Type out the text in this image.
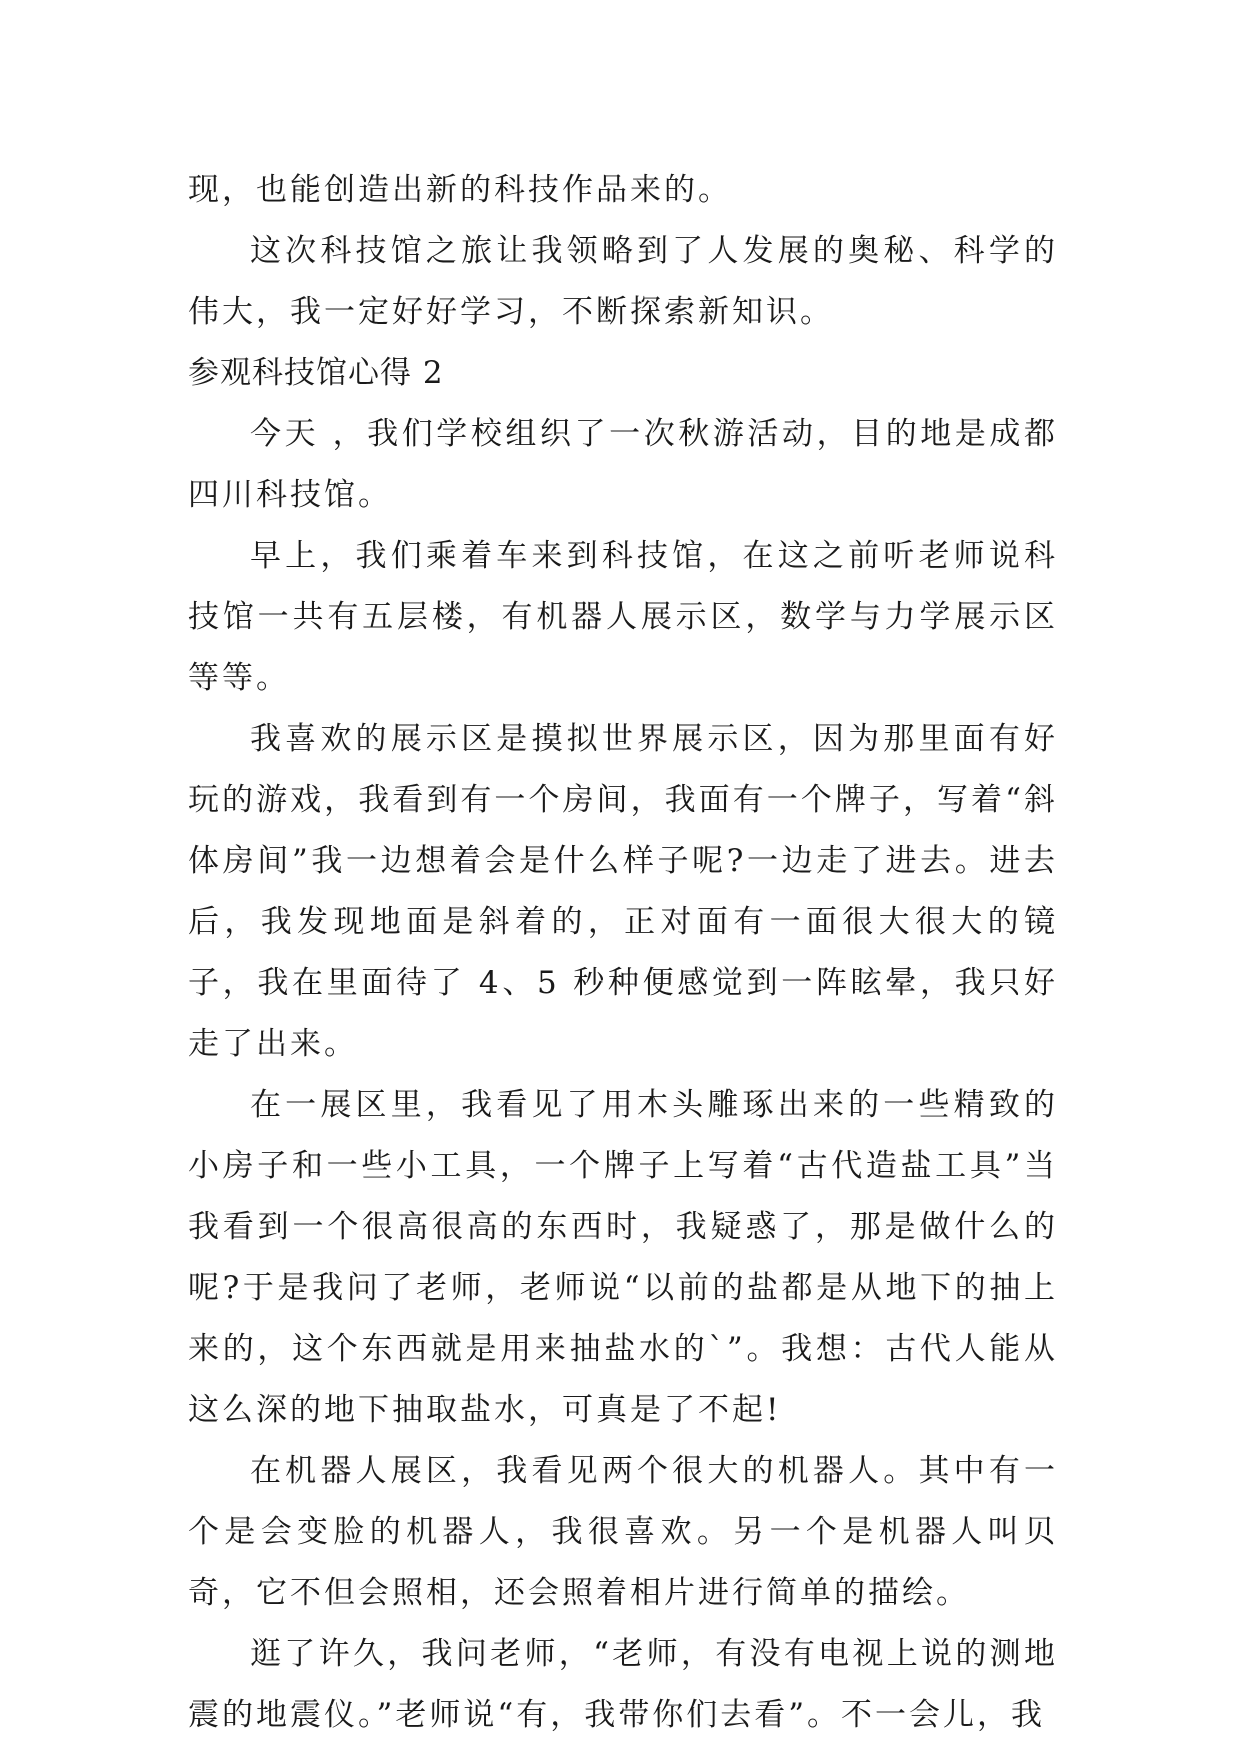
现，也能创造出新的科技作品来的。

这次科技馆之旅让我领略到了人发展的奥秘、科学的伟大，我一定好好学习，不断探索新知识。

参观科技馆心得 2

今天 ，我们学校组织了一次秋游活动，目的地是成都四川科技馆。

早上，我们乘着车来到科技馆，在这之前听老师说科技馆一共有五层楼，有机器人展示区，数学与力学展示区等等。

我喜欢的展示区是摸拟世界展示区，因为那里面有好玩的游戏，我看到有一个房间，我面有一个牌子，写着“斜体房间”我一边想着会是什么样子呢?一边走了进去。进去后，我发现地面是斜着的，正对面有一面很大很大的镜子，我在里面待了 4、5 秒种便感觉到一阵眩晕，我只好走了出来。

在一展区里，我看见了用木头雕琢出来的一些精致的小房子和一些小工具，一个牌子上写着“古代造盐工具”当我看到一个很高很高的东西时，我疑惑了，那是做什么的呢?于是我问了老师，老师说“以前的盐都是从地下的抽上来的，这个东西就是用来抽盐水的`”。我想：古代人能从这么深的地下抽取盐水，可真是了不起!

在机器人展区，我看见两个很大的机器人。其中有一个是会变脸的机器人，我很喜欢。另一个是机器人叫贝奇，它不但会照相，还会照着相片进行简单的描绘。

逛了许久，我问老师，“老师，有没有电视上说的测地震的地震仪。”老师说“有，我带你们去看”。不一会儿，我
